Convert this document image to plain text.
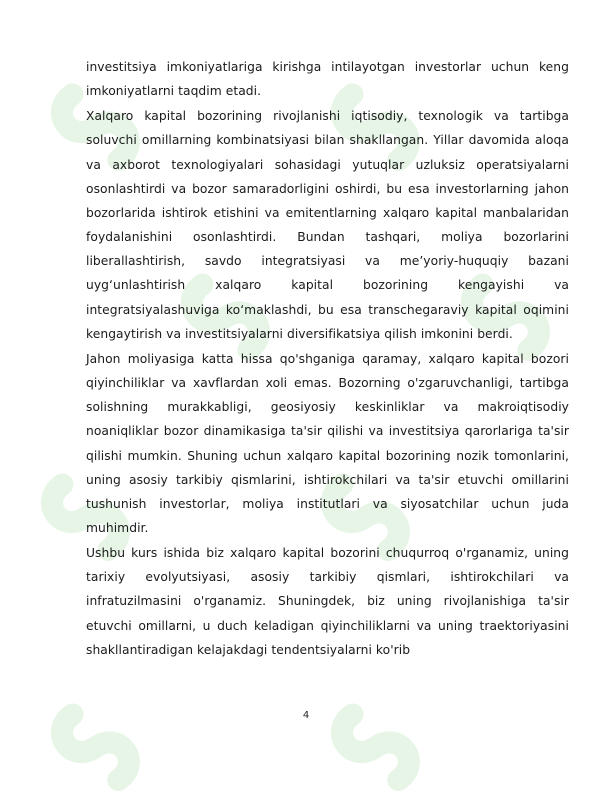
investitsiya imkoniyatlariga kirishga intilayotgan investorlar uchun keng imkoniyatlarni taqdim etadi.

Xalqaro kapital bozorining rivojlanishi iqtisodiy, texnologik va tartibga soluvchi omillarning kombinatsiyasi bilan shakllangan. Yillar davomida aloqa va axborot texnologiyalari sohasidagi yutuqlar uzluksiz operatsiyalarni osonlashtirdi va bozor samaradorligini oshirdi, bu esa investorlarning jahon bozorlarida ishtirok etishini va emitentlarning xalqaro kapital manbalaridan foydalanishini osonlashtirdi. Bundan tashqari, moliya bozorlarini liberallashtirish, savdo integratsiyasi va me’yoriy-huquqiy bazani uyg‘unlashtirish xalqaro kapital bozorining kengayishi va integratsiyalashuviga ko‘maklashdi, bu esa transchegaraviy kapital oqimini kengaytirish va investitsiyalarni diversifikatsiya qilish imkonini berdi.

Jahon moliyasiga katta hissa qo'shganiga qaramay, xalqaro kapital bozori qiyinchiliklar va xavflardan xoli emas. Bozorning o'zgaruvchanligi, tartibga solishning murakkabligi, geosiyosiy keskinliklar va makroiqtisodiy noaniqliklar bozor dinamikasiga ta'sir qilishi va investitsiya qarorlariga ta'sir qilishi mumkin. Shuning uchun xalqaro kapital bozorining nozik tomonlarini, uning asosiy tarkibiy qismlarini, ishtirokchilari va ta'sir etuvchi omillarini tushunish investorlar, moliya institutlari va siyosatchilar uchun juda muhimdir.

Ushbu kurs ishida biz xalqaro kapital bozorini chuqurroq o'rganamiz, uning tarixiy evolyutsiyasi, asosiy tarkibiy qismlari, ishtirokchilari va infratuzilmasini o'rganamiz. Shuningdek, biz uning rivojlanishiga ta'sir etuvchi omillarni, u duch keladigan qiyinchiliklarni va uning traektoriyasini shakllantiradigan kelajakdagi tendentsiyalarni ko'rib

4
